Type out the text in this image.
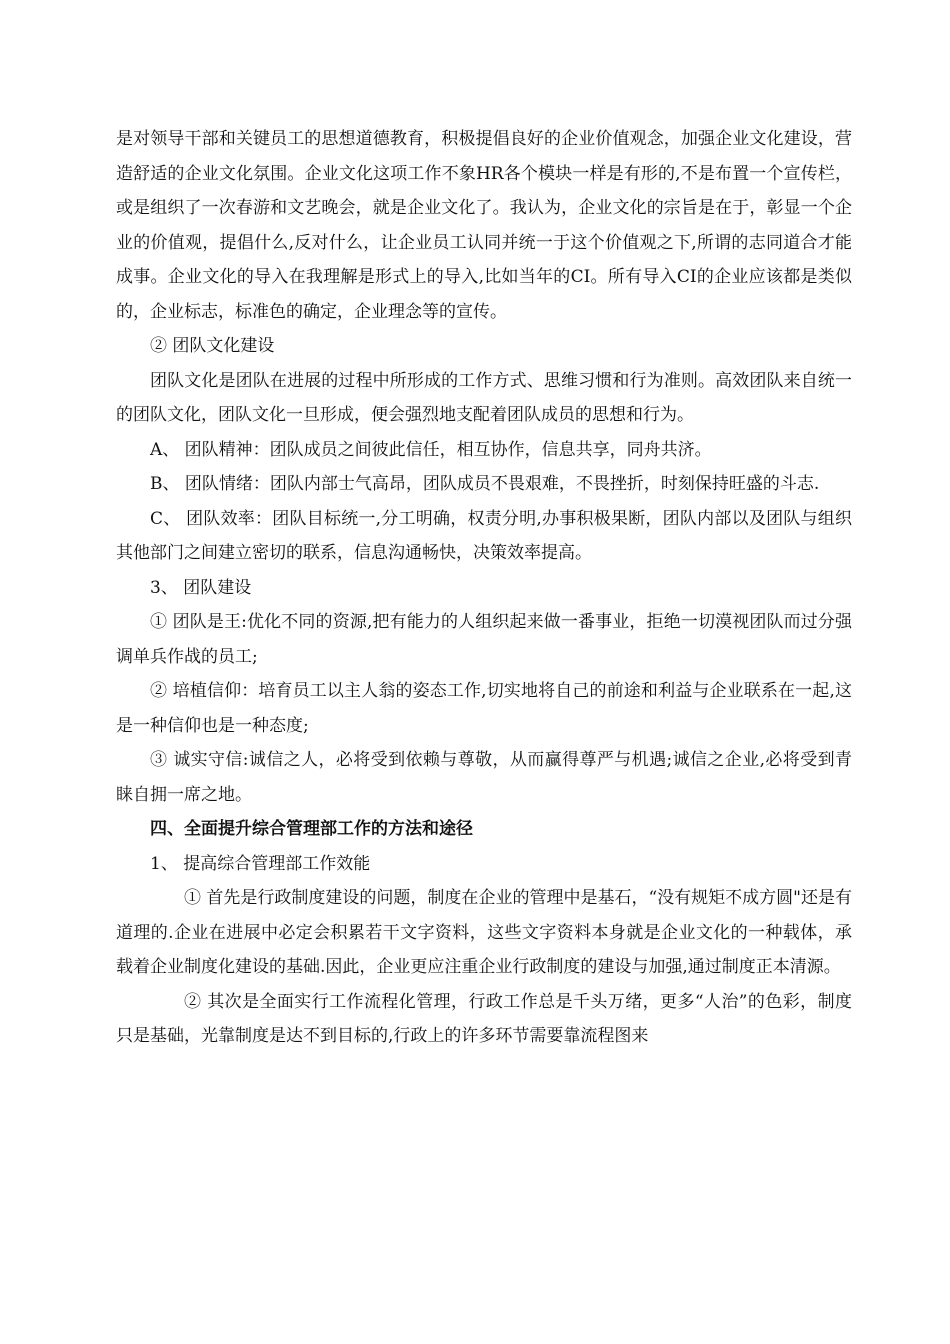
是对领导干部和关键员工的思想道德教育，积极提倡良好的企业价值观念，加强企业文化建设，营造舒适的企业文化氛围。企业文化这项工作不象HR各个模块一样是有形的,不是布置一个宣传栏，或是组织了一次春游和文艺晚会，就是企业文化了。我认为，企业文化的宗旨是在于，彰显一个企业的价值观，提倡什么,反对什么，让企业员工认同并统一于这个价值观之下,所谓的志同道合才能成事。企业文化的导入在我理解是形式上的导入,比如当年的CI。所有导入CI的企业应该都是类似的，企业标志，标准色的确定，企业理念等的宣传。

② 团队文化建设

团队文化是团队在进展的过程中所形成的工作方式、思维习惯和行为准则。高效团队来自统一的团队文化，团队文化一旦形成，便会强烈地支配着团队成员的思想和行为。

A、 团队精神：团队成员之间彼此信任，相互协作，信息共享，同舟共济。

B、 团队情绪：团队内部士气高昂，团队成员不畏艰难，不畏挫折，时刻保持旺盛的斗志.

C、 团队效率：团队目标统一,分工明确，权责分明,办事积极果断，团队内部以及团队与组织其他部门之间建立密切的联系，信息沟通畅快，决策效率提高。

3、 团队建设

① 团队是王:优化不同的资源,把有能力的人组织起来做一番事业，拒绝一切漠视团队而过分强调单兵作战的员工;

② 培植信仰：培育员工以主人翁的姿态工作,切实地将自己的前途和利益与企业联系在一起,这是一种信仰也是一种态度;

③ 诚实守信:诚信之人，必将受到依赖与尊敬，从而赢得尊严与机遇;诚信之企业,必将受到青睐自拥一席之地。

四、全面提升综合管理部工作的方法和途径

1、 提高综合管理部工作效能

① 首先是行政制度建设的问题，制度在企业的管理中是基石，“没有规矩不成方圆"还是有道理的.企业在进展中必定会积累若干文字资料，这些文字资料本身就是企业文化的一种载体，承载着企业制度化建设的基础.因此，企业更应注重企业行政制度的建设与加强,通过制度正本清源。

② 其次是全面实行工作流程化管理，行政工作总是千头万绪，更多“人治”的色彩，制度只是基础，光靠制度是达不到目标的,行政上的许多环节需要靠流程图来
